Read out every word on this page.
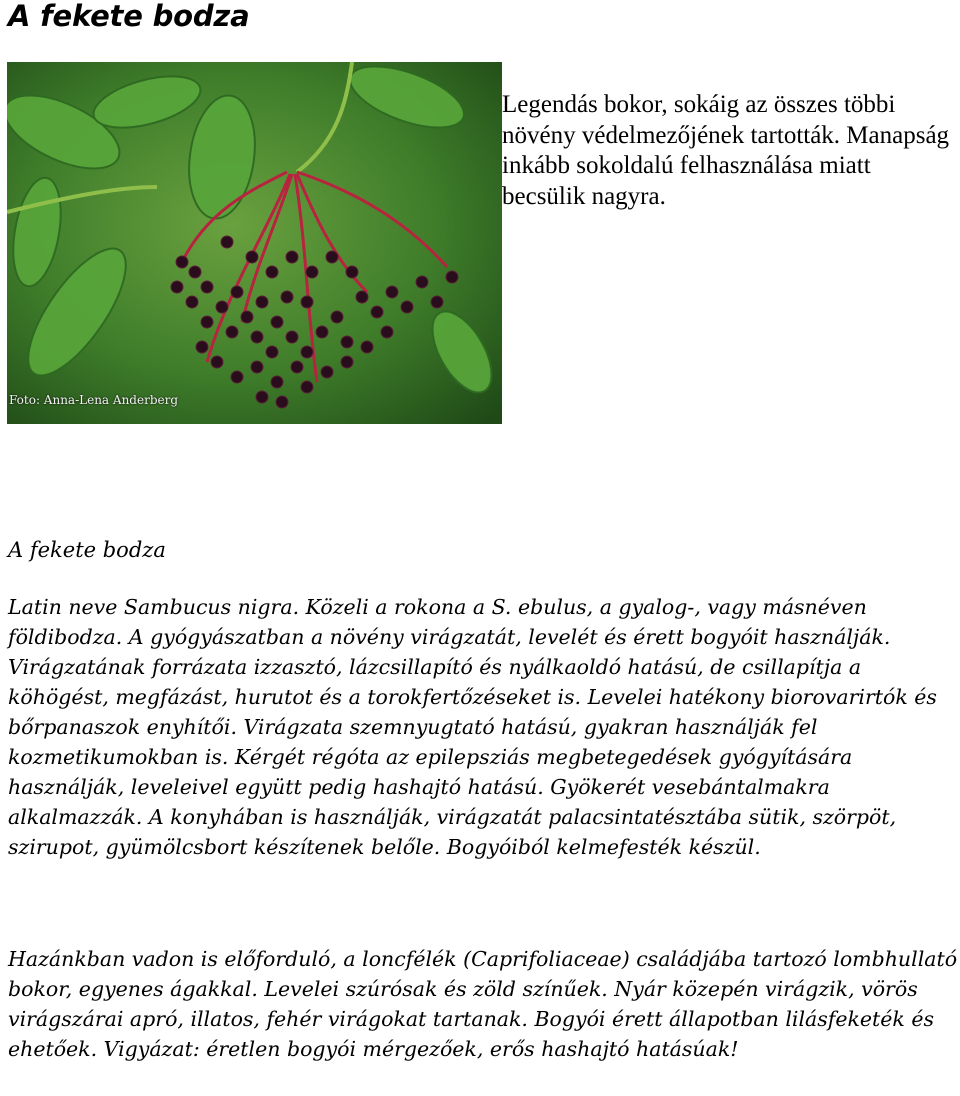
A fekete bodza
Foto: Anna-Lena Anderberg

Legendás bokor, sokáig az összes többi növény védelmezőjének tartották. Manapság inkább sokoldalú felhasználása miatt becsülik nagyra.

A fekete bodza

Latin neve Sambucus nigra. Közeli a rokona a S. ebulus, a gyalog-, vagy másnéven földibodza. A gyógyászatban a növény virágzatát, levelét és érett bogyóit használják. Virágzatának forrázata izzasztó, lázcsillapító és nyálkaoldó hatású, de csillapítja a köhögést, megfázást, hurutot és a torokfertőzéseket is. Levelei hatékony biorovarirtók és bőrpanaszok enyhítői. Virágzata szemnyugtató hatású, gyakran használják fel kozmetikumokban is. Kérgét régóta az epilepsziás megbetegedések gyógyítására használják, leveleivel együtt pedig hashajtó hatású. Gyökerét vesebántalmakra alkalmazzák. A konyhában is használják, virágzatát palacsintatésztába sütik, szörpöt, szirupot, gyümölcsbort készítenek belőle. Bogyóiból kelmefesték készül.

Hazánkban vadon is előforduló, a loncfélék (Caprifoliaceae) családjába tartozó lombhullató bokor, egyenes ágakkal. Levelei szúrósak és zöld színűek. Nyár közepén virágzik, vörös virágszárai apró, illatos, fehér virágokat tartanak. Bogyói érett állapotban lilásfeketék és ehetőek. Vigyázat: éretlen bogyói mérgezőek, erős hashajtó hatásúak!
